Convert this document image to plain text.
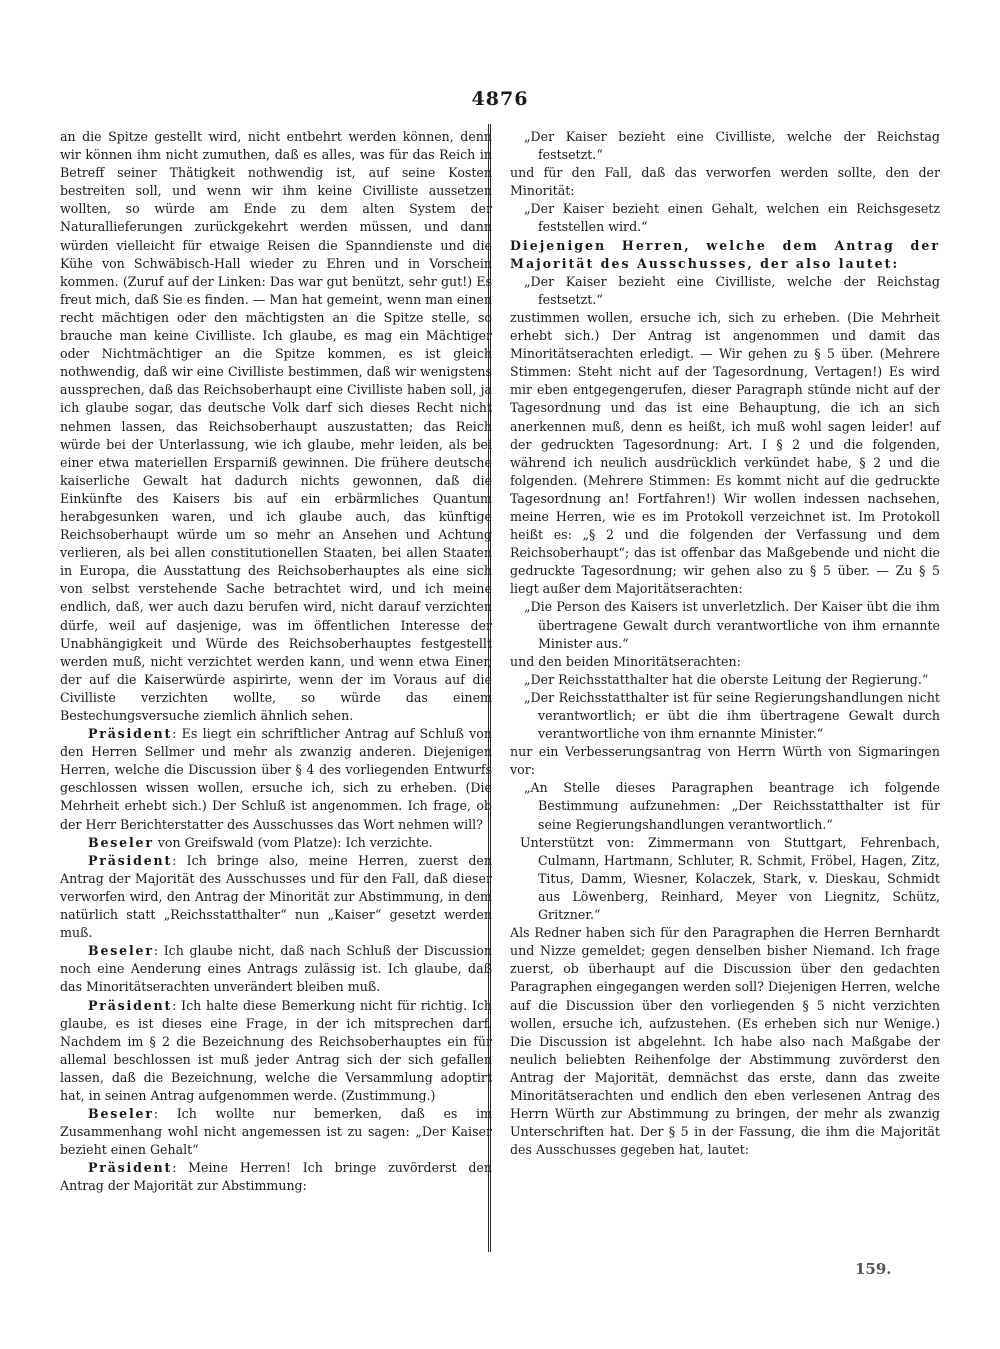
4876

an die Spitze gestellt wird, nicht entbehrt werden können, denn wir können ihm nicht zumuthen, daß es alles, was für das Reich in Betreff seiner Thätigkeit nothwendig ist, auf seine Kosten bestreiten soll, und wenn wir ihm keine Civilliste aussetzen wollten, so würde am Ende zu dem alten System der Naturallieferungen zurückgekehrt werden müssen, und dann würden vielleicht für etwaige Reisen die Spanndienste und die Kühe von Schwäbisch-Hall wieder zu Ehren und in Vorschein kommen. (Zuruf auf der Linken: Das war gut benützt, sehr gut!) Es freut mich, daß Sie es finden. — Man hat gemeint, wenn man einen recht mächtigen oder den mächtigsten an die Spitze stelle, so brauche man keine Civilliste. Ich glaube, es mag ein Mächtiger oder Nichtmächtiger an die Spitze kommen, es ist gleich nothwendig, daß wir eine Civilliste bestimmen, daß wir wenigstens aussprechen, daß das Reichsoberhaupt eine Civilliste haben soll, ja ich glaube sogar, das deutsche Volk darf sich dieses Recht nicht nehmen lassen, das Reichsoberhaupt auszustatten; das Reich würde bei der Unterlassung, wie ich glaube, mehr leiden, als bei einer etwa materiellen Ersparniß gewinnen. Die frühere deutsche kaiserliche Gewalt hat dadurch nichts gewonnen, daß die Einkünfte des Kaisers bis auf ein erbärmliches Quantum herabgesunken waren, und ich glaube auch, das künftige Reichsoberhaupt würde um so mehr an Ansehen und Achtung verlieren, als bei allen constitutionellen Staaten, bei allen Staaten in Europa, die Ausstattung des Reichsoberhauptes als eine sich von selbst verstehende Sache betrachtet wird, und ich meine endlich, daß, wer auch dazu berufen wird, nicht darauf verzichten dürfe, weil auf dasjenige, was im öffentlichen Interesse der Unabhängigkeit und Würde des Reichsoberhauptes festgestellt werden muß, nicht verzichtet werden kann, und wenn etwa Einer, der auf die Kaiserwürde aspirirte, wenn der im Voraus auf die Civilliste verzichten wollte, so würde das einem Bestechungsversuche ziemlich ähnlich sehen.

Präsident: Es liegt ein schriftlicher Antrag auf Schluß von den Herren Sellmer und mehr als zwanzig anderen. Diejenigen Herren, welche die Discussion über § 4 des vorliegenden Entwurfs geschlossen wissen wollen, ersuche ich, sich zu erheben. (Die Mehrheit erhebt sich.) Der Schluß ist angenommen. Ich frage, ob der Herr Berichterstatter des Ausschusses das Wort nehmen will?

Beseler von Greifswald (vom Platze): Ich verzichte.

Präsident: Ich bringe also, meine Herren, zuerst den Antrag der Majorität des Ausschusses und für den Fall, daß dieser verworfen wird, den Antrag der Minorität zur Abstimmung, in dem natürlich statt „Reichsstatthalter“ nun „Kaiser“ gesetzt werden muß.

Beseler: Ich glaube nicht, daß nach Schluß der Discussion noch eine Aenderung eines Antrags zulässig ist. Ich glaube, daß das Minoritätserachten unverändert bleiben muß.

Präsident: Ich halte diese Bemerkung nicht für richtig. Ich glaube, es ist dieses eine Frage, in der ich mitsprechen darf. Nachdem im § 2 die Bezeichnung des Reichsoberhauptes ein für allemal beschlossen ist muß jeder Antrag sich der sich gefallen lassen, daß die Bezeichnung, welche die Versammlung adoptirt hat, in seinen Antrag aufgenommen werde. (Zustimmung.)

Beseler: Ich wollte nur bemerken, daß es im Zusammenhang wohl nicht angemessen ist zu sagen: „Der Kaiser bezieht einen Gehalt“

Präsident: Meine Herren! Ich bringe zuvörderst den Antrag der Majorität zur Abstimmung:

„Der Kaiser bezieht eine Civilliste, welche der Reichstag festsetzt.“

und für den Fall, daß das verworfen werden sollte, den der Minorität:

„Der Kaiser bezieht einen Gehalt, welchen ein Reichsgesetz feststellen wird.“

Diejenigen Herren, welche dem Antrag der Majorität des Ausschusses, der also lautet:

„Der Kaiser bezieht eine Civilliste, welche der Reichstag festsetzt.“

zustimmen wollen, ersuche ich, sich zu erheben. (Die Mehrheit erhebt sich.) Der Antrag ist angenommen und damit das Minoritätserachten erledigt. — Wir gehen zu § 5 über. (Mehrere Stimmen: Steht nicht auf der Tagesordnung, Vertagen!) Es wird mir eben entgegengerufen, dieser Paragraph stünde nicht auf der Tagesordnung und das ist eine Behauptung, die ich an sich anerkennen muß, denn es heißt, ich muß wohl sagen leider! auf der gedruckten Tagesordnung: Art. I § 2 und die folgenden, während ich neulich ausdrücklich verkündet habe, § 2 und die folgenden. (Mehrere Stimmen: Es kommt nicht auf die gedruckte Tagesordnung an! Fortfahren!) Wir wollen indessen nachsehen, meine Herren, wie es im Protokoll verzeichnet ist. Im Protokoll heißt es: „§ 2 und die folgenden der Verfassung und dem Reichsoberhaupt“; das ist offenbar das Maßgebende und nicht die gedruckte Tagesordnung; wir gehen also zu § 5 über. — Zu § 5 liegt außer dem Majoritätserachten:

„Die Person des Kaisers ist unverletzlich. Der Kaiser übt die ihm übertragene Gewalt durch verantwortliche von ihm ernannte Minister aus.“

und den beiden Minoritätserachten:

„Der Reichsstatthalter hat die oberste Leitung der Regierung.“

„Der Reichsstatthalter ist für seine Regierungshandlungen nicht verantwortlich; er übt die ihm übertragene Gewalt durch verantwortliche von ihm ernannte Minister.“

nur ein Verbesserungsantrag von Herrn Würth von Sigmaringen vor:

„An Stelle dieses Paragraphen beantrage ich folgende Bestimmung aufzunehmen: „Der Reichsstatthalter ist für seine Regierungshandlungen verantwortlich.“

Unterstützt von: Zimmermann von Stuttgart, Fehrenbach, Culmann, Hartmann, Schluter, R. Schmit, Fröbel, Hagen, Zitz, Titus, Damm, Wiesner, Kolaczek, Stark, v. Dieskau, Schmidt aus Löwenberg, Reinhard, Meyer von Liegnitz, Schütz, Gritzner.“

Als Redner haben sich für den Paragraphen die Herren Bernhardt und Nizze gemeldet; gegen denselben bisher Niemand. Ich frage zuerst, ob überhaupt auf die Discussion über den gedachten Paragraphen eingegangen werden soll? Diejenigen Herren, welche auf die Discussion über den vorliegenden § 5 nicht verzichten wollen, ersuche ich, aufzustehen. (Es erheben sich nur Wenige.) Die Discussion ist abgelehnt. Ich habe also nach Maßgabe der neulich beliebten Reihenfolge der Abstimmung zuvörderst den Antrag der Majorität, demnächst das erste, dann das zweite Minoritätserachten und endlich den eben verlesenen Antrag des Herrn Würth zur Abstimmung zu bringen, der mehr als zwanzig Unterschriften hat. Der § 5 in der Fassung, die ihm die Majorität des Ausschusses gegeben hat, lautet:

159.
